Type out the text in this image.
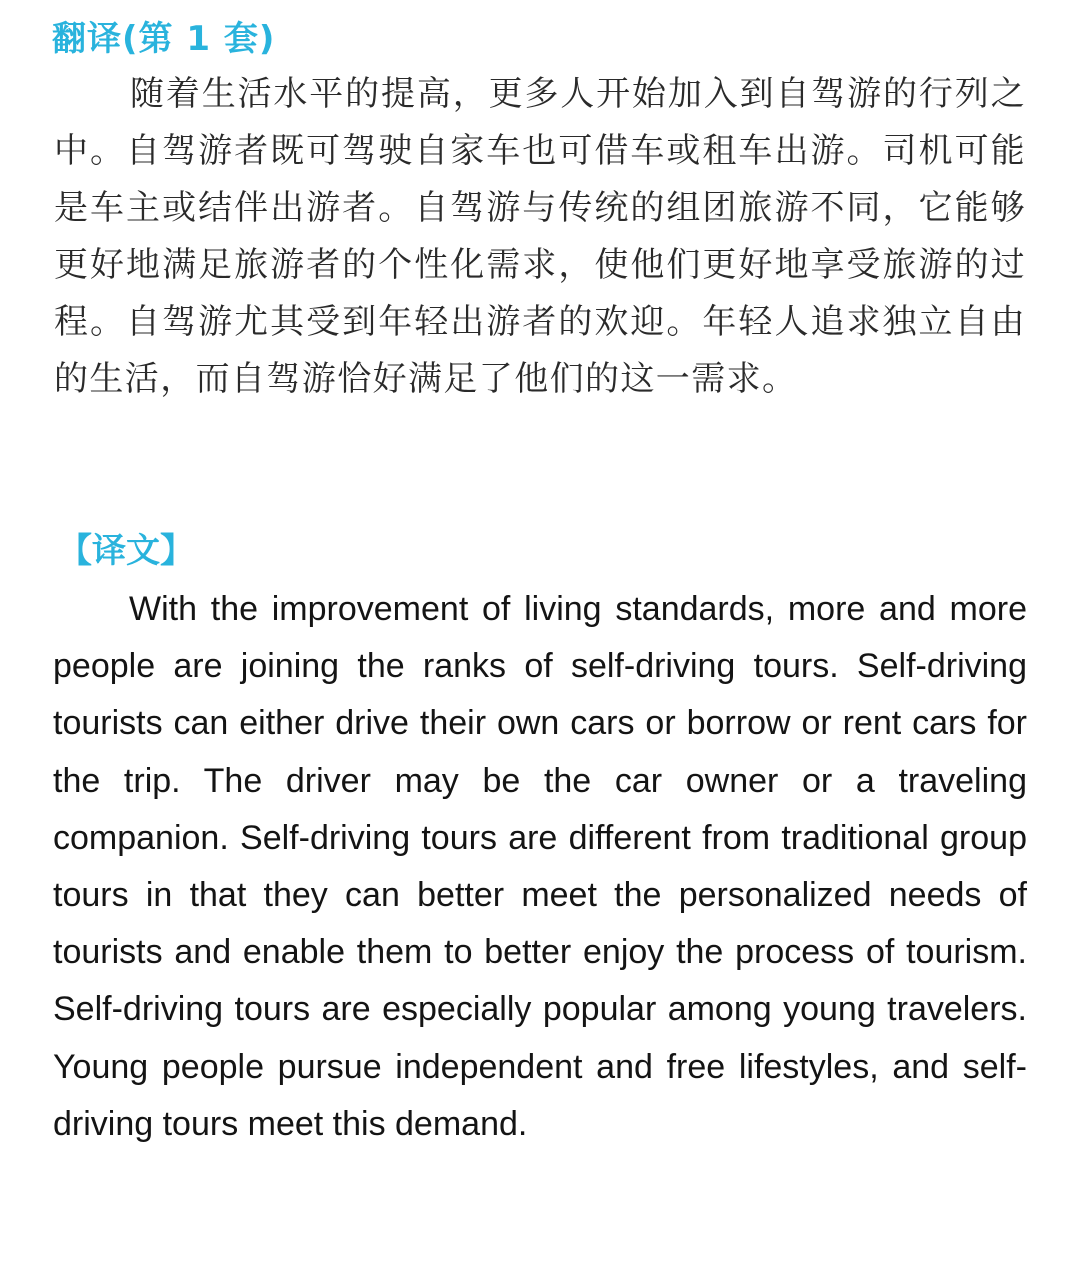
翻译(第 1 套)

随着生活水平的提高，更多人开始加入到自驾游的行列之中。自驾游者既可驾驶自家车也可借车或租车出游。司机可能是车主或结伴出游者。自驾游与传统的组团旅游不同，它能够更好地满足旅游者的个性化需求，使他们更好地享受旅游的过程。自驾游尤其受到年轻出游者的欢迎。年轻人追求独立自由的生活，而自驾游恰好满足了他们的这一需求。

【译文】

With the improvement of living standards, more and more people are joining the ranks of self-driving tours. Self-driving tourists can either drive their own cars or borrow or rent cars for the trip. The driver may be the car owner or a traveling companion. Self-driving tours are different from traditional group tours in that they can better meet the personalized needs of tourists and enable them to better enjoy the process of tourism. Self-driving tours are especially popular among young travelers. Young people pursue independent and free lifestyles, and self-driving tours meet this demand.
